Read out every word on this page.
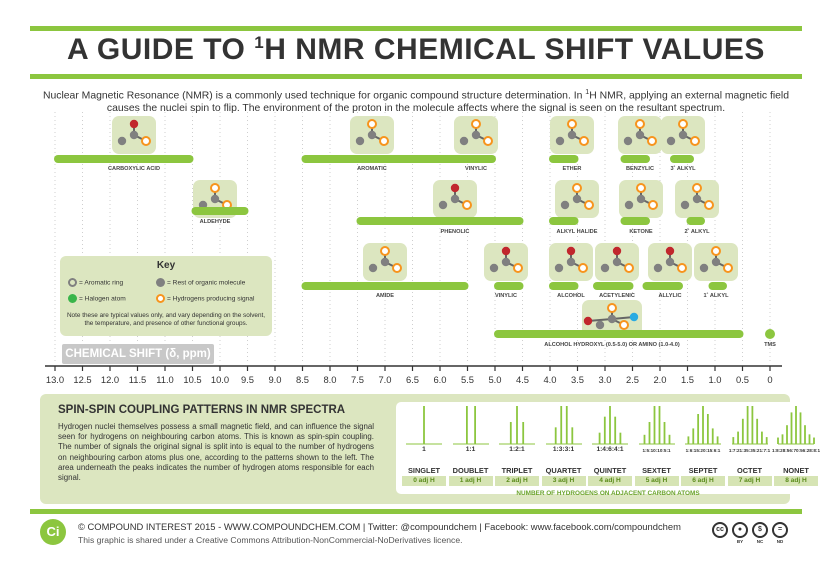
A GUIDE TO $^1$H NMR CHEMICAL SHIFT VALUES
Nuclear Magnetic Resonance (NMR) is a commonly used technique for organic compound structure determination. In $^1$H NMR, applying an external magnetic field causes the nuclei spin to flip. The environment of the proton in the molecule affects where the signal is seen on the resultant spectrum.
CARBOXYLIC ACID
ALDEHYDE
AROMATIC
PHENOLIC
AMIDE
VINYLIC
VINYLIC
ETHER
ALKYL HALIDE
ALCOHOL
BENZYLIC
KETONE
ACETYLENIC
3˚ ALKYL
2˚ ALKYL
ALLYLIC	1˚ ALKYL
ALCOHOL HYDROXYL (0.5-5.0) OR AMINO (1.0-4.0)	TMS
13.0 12.5 12.0 11.5 11.0 10.5 10.0 9.5 9.0 8.5 8.0 7.5 7.0 6.5 6.0 5.5 5.0 4.5 4.0 3.5 3.0 2.5 2.0 1.5 1.0 0.5 0
Key
= Aromatic ring
= Halogen atom
= Rest of organic molecule
= Hydrogens producing signal
Note these are typical values only, and vary depending on the solvent, the temperature, and presence of other functional groups.
CHEMICAL SHIFT (δ, ppm)
SPIN-SPIN COUPLING PATTERNS IN NMR SPECTRA
Hydrogen nuclei themselves possess a small magnetic field, and can influence the signal seen for hydrogens on neighbouring carbon atoms. This is known as spin-spin coupling. The number of signals the original signal is split into is equal to the number of hydrogens on neighbouring carbon atoms plus one, according to the patterns shown to the left. The area underneath the peaks indicates the number of hydrogen atoms responsible for each signal.
1
SINGLET
0 adj H
1:1
DOUBLET
1 adj H
1:2:1
TRIPLET
2 adj H
1:3:3:1
QUARTET
3 adj H
1:4:6:4:1
QUINTET
4 adj H
1:5:10:10:5:1
SEXTET
5 adj H
1:6:15:20:15:6:1
SEPTET
6 adj H
1:7:21:35:35:21:7:1
OCTET
7 adj H
1:8:28:56:70:56:28:8:1
NONET
8 adj H
NUMBER OF HYDROGENS ON ADJACENT CARBON ATOMS
Ci	© COMPOUND INTEREST 2015 - WWW.COMPOUNDCHEM.COM | Twitter: @compoundchem | Facebook: www.facebook.com/compoundchem
This graphic is shared under a Creative Commons Attribution-NonCommercial-NoDerivatives licence.
cc	●	$	=
BY	NC	ND
